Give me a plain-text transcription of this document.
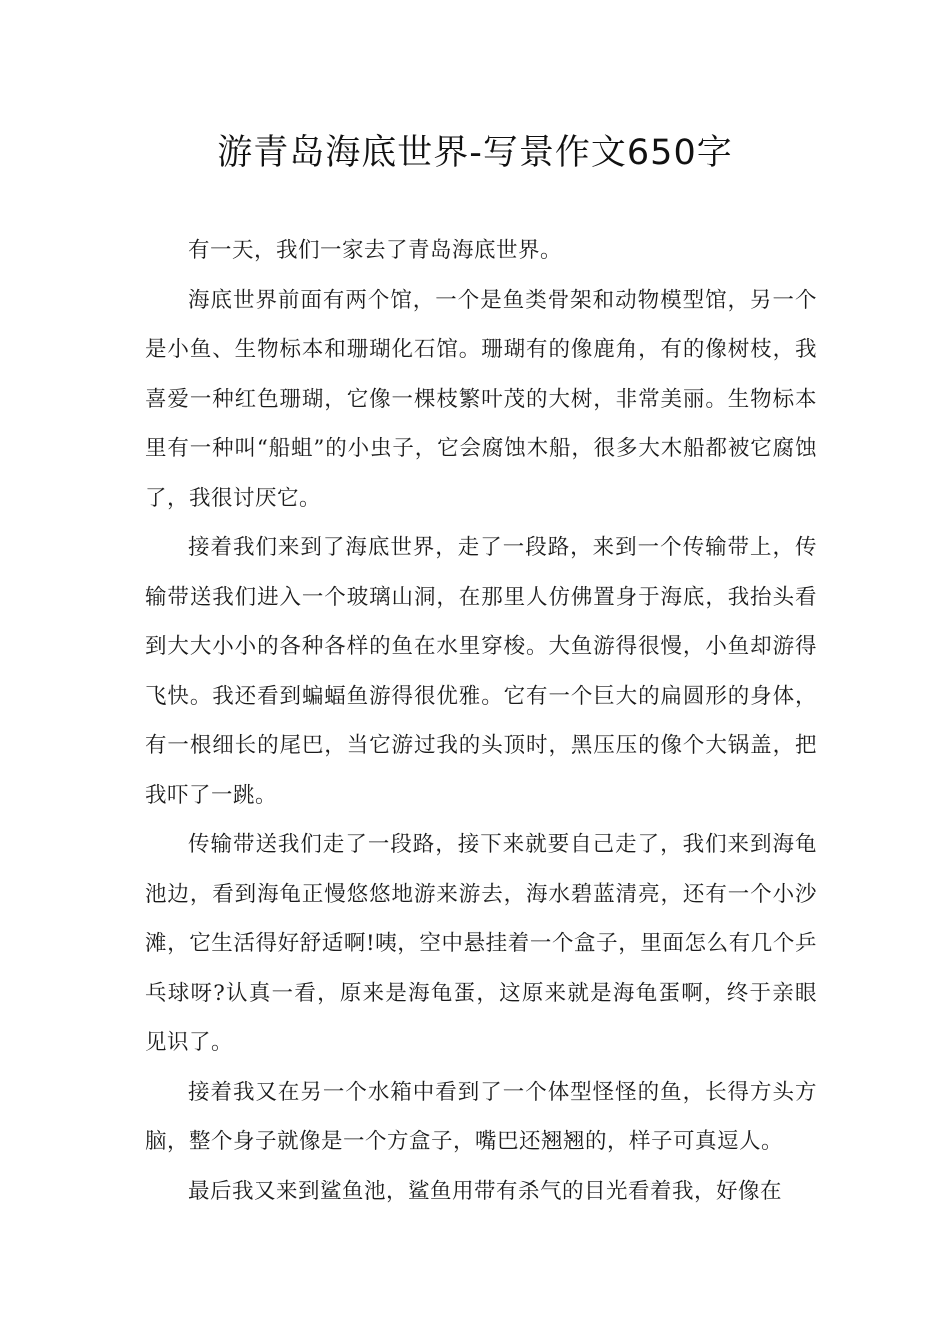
游青岛海底世界-写景作文650字

有一天，我们一家去了青岛海底世界。

海底世界前面有两个馆，一个是鱼类骨架和动物模型馆，另一个是小鱼、生物标本和珊瑚化石馆。珊瑚有的像鹿角，有的像树枝，我喜爱一种红色珊瑚，它像一棵枝繁叶茂的大树，非常美丽。生物标本里有一种叫“船蛆”的小虫子，它会腐蚀木船，很多大木船都被它腐蚀了，我很讨厌它。

接着我们来到了海底世界，走了一段路，来到一个传输带上，传输带送我们进入一个玻璃山洞，在那里人仿佛置身于海底，我抬头看到大大小小的各种各样的鱼在水里穿梭。大鱼游得很慢，小鱼却游得飞快。我还看到蝙蝠鱼游得很优雅。它有一个巨大的扁圆形的身体，有一根细长的尾巴，当它游过我的头顶时，黑压压的像个大锅盖，把我吓了一跳。

传输带送我们走了一段路，接下来就要自己走了，我们来到海龟池边，看到海龟正慢悠悠地游来游去，海水碧蓝清亮，还有一个小沙滩，它生活得好舒适啊!咦，空中悬挂着一个盒子，里面怎么有几个乒乓球呀?认真一看，原来是海龟蛋，这原来就是海龟蛋啊，终于亲眼见识了。

接着我又在另一个水箱中看到了一个体型怪怪的鱼，长得方头方脑，整个身子就像是一个方盒子，嘴巴还翘翘的，样子可真逗人。

最后我又来到鲨鱼池，鲨鱼用带有杀气的目光看着我，好像在
